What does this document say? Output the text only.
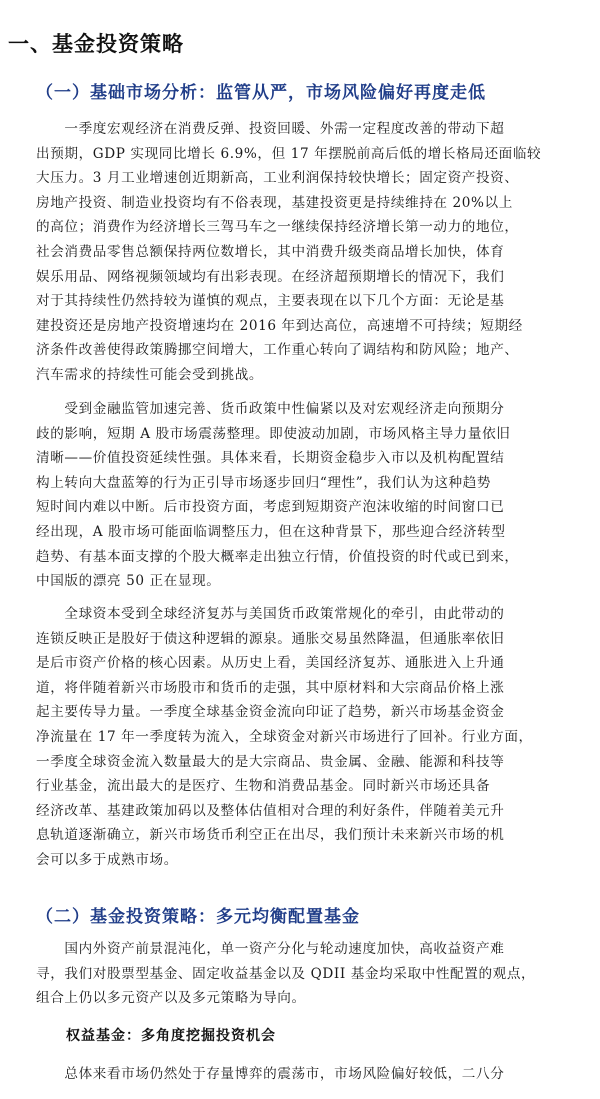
一、基金投资策略
（一）基础市场分析：监管从严，市场风险偏好再度走低
　　一季度宏观经济在消费反弹、投资回暖、外需一定程度改善的带动下超
出预期，GDP 实现同比增长 6.9%，但 17 年摆脱前高后低的增长格局还面临较
大压力。3 月工业增速创近期新高，工业利润保持较快增长；固定资产投资、
房地产投资、制造业投资均有不俗表现，基建投资更是持续维持在 20%以上
的高位；消费作为经济增长三驾马车之一继续保持经济增长第一动力的地位，
社会消费品零售总额保持两位数增长，其中消费升级类商品增长加快，体育
娱乐用品、网络视频领域均有出彩表现。在经济超预期增长的情况下，我们
对于其持续性仍然持较为谨慎的观点，主要表现在以下几个方面：无论是基
建投资还是房地产投资增速均在 2016 年到达高位，高速增不可持续；短期经
济条件改善使得政策腾挪空间增大，工作重心转向了调结构和防风险；地产、
汽车需求的持续性可能会受到挑战。
　　受到金融监管加速完善、货币政策中性偏紧以及对宏观经济走向预期分
歧的影响，短期 A 股市场震荡整理。即使波动加剧，市场风格主导力量依旧
清晰——价值投资延续性强。具体来看，长期资金稳步入市以及机构配置结
构上转向大盘蓝筹的行为正引导市场逐步回归“理性”，我们认为这种趋势
短时间内难以中断。后市投资方面，考虑到短期资产泡沫收缩的时间窗口已
经出现，A 股市场可能面临调整压力，但在这种背景下，那些迎合经济转型
趋势、有基本面支撑的个股大概率走出独立行情，价值投资的时代或已到来，
中国版的漂亮 50 正在显现。
　　全球资本受到全球经济复苏与美国货币政策常规化的牵引，由此带动的
连锁反映正是股好于债这种逻辑的源泉。通胀交易虽然降温，但通胀率依旧
是后市资产价格的核心因素。从历史上看，美国经济复苏、通胀进入上升通
道，将伴随着新兴市场股市和货币的走强，其中原材料和大宗商品价格上涨
起主要传导力量。一季度全球基金资金流向印证了趋势，新兴市场基金资金
净流量在 17 年一季度转为流入，全球资金对新兴市场进行了回补。行业方面，
一季度全球资金流入数量最大的是大宗商品、贵金属、金融、能源和科技等
行业基金，流出最大的是医疗、生物和消费品基金。同时新兴市场还具备
经济改革、基建政策加码以及整体估值相对合理的利好条件，伴随着美元升
息轨道逐渐确立，新兴市场货币利空正在出尽，我们预计未来新兴市场的机
会可以多于成熟市场。
（二）基金投资策略：多元均衡配置基金
　　国内外资产前景混沌化，单一资产分化与轮动速度加快，高收益资产难
寻，我们对股票型基金、固定收益基金以及 QDII 基金均采取中性配置的观点，
组合上仍以多元资产以及多元策略为导向。
权益基金：多角度挖掘投资机会
　　总体来看市场仍然处于存量博弈的震荡市，市场风险偏好较低，二八分
